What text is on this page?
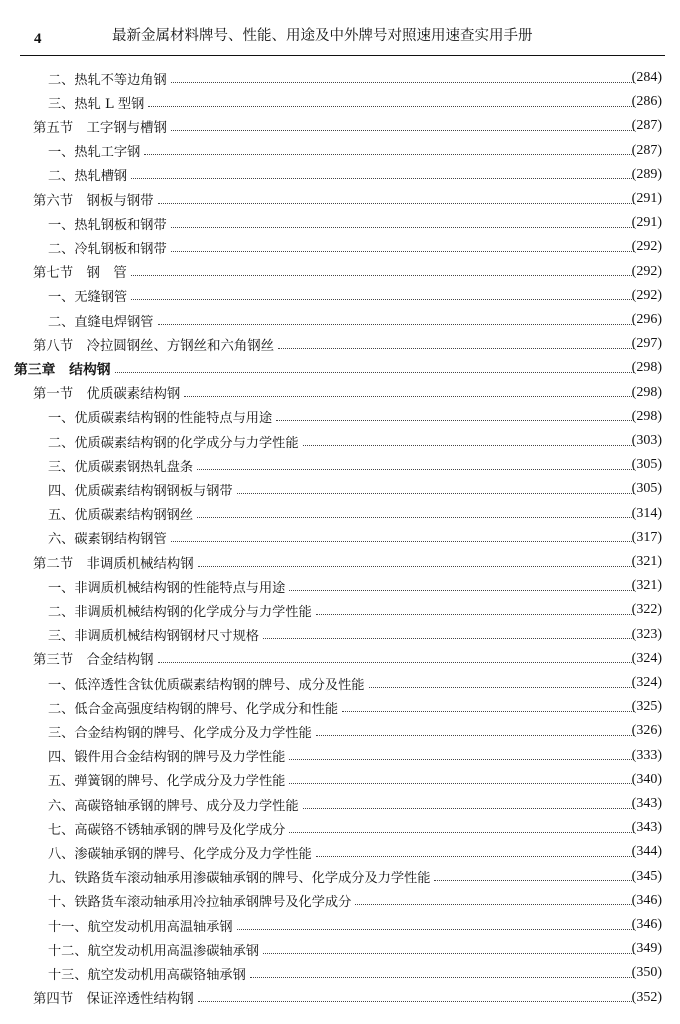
4	最新金属材料牌号、性能、用途及中外牌号对照速用速查实用手册
二、热轧不等边角钢	(284)
三、热轧 L 型钢	(286)
第五节　工字钢与槽钢	(287)
一、热轧工字钢	(287)
二、热轧槽钢	(289)
第六节　钢板与钢带	(291)
一、热轧钢板和钢带	(291)
二、冷轧钢板和钢带	(292)
第七节　钢　管	(292)
一、无缝钢管	(292)
二、直缝电焊钢管	(296)
第八节　冷拉圆钢丝、方钢丝和六角钢丝	(297)
第三章　结构钢	(298)
第一节　优质碳素结构钢	(298)
一、优质碳素结构钢的性能特点与用途	(298)
二、优质碳素结构钢的化学成分与力学性能	(303)
三、优质碳素钢热轧盘条	(305)
四、优质碳素结构钢钢板与钢带	(305)
五、优质碳素结构钢钢丝	(314)
六、碳素钢结构钢管	(317)
第二节　非调质机械结构钢	(321)
一、非调质机械结构钢的性能特点与用途	(321)
二、非调质机械结构钢的化学成分与力学性能	(322)
三、非调质机械结构钢钢材尺寸规格	(323)
第三节　合金结构钢	(324)
一、低淬透性含钛优质碳素结构钢的牌号、成分及性能	(324)
二、低合金高强度结构钢的牌号、化学成分和性能	(325)
三、合金结构钢的牌号、化学成分及力学性能	(326)
四、锻件用合金结构钢的牌号及力学性能	(333)
五、弹簧钢的牌号、化学成分及力学性能	(340)
六、高碳铬轴承钢的牌号、成分及力学性能	(343)
七、高碳铬不锈轴承钢的牌号及化学成分	(343)
八、渗碳轴承钢的牌号、化学成分及力学性能	(344)
九、铁路货车滚动轴承用渗碳轴承钢的牌号、化学成分及力学性能	(345)
十、铁路货车滚动轴承用冷拉轴承钢牌号及化学成分	(346)
十一、航空发动机用高温轴承钢	(346)
十二、航空发动机用高温渗碳轴承钢	(349)
十三、航空发动机用高碳铬轴承钢	(350)
第四节　保证淬透性结构钢	(352)
